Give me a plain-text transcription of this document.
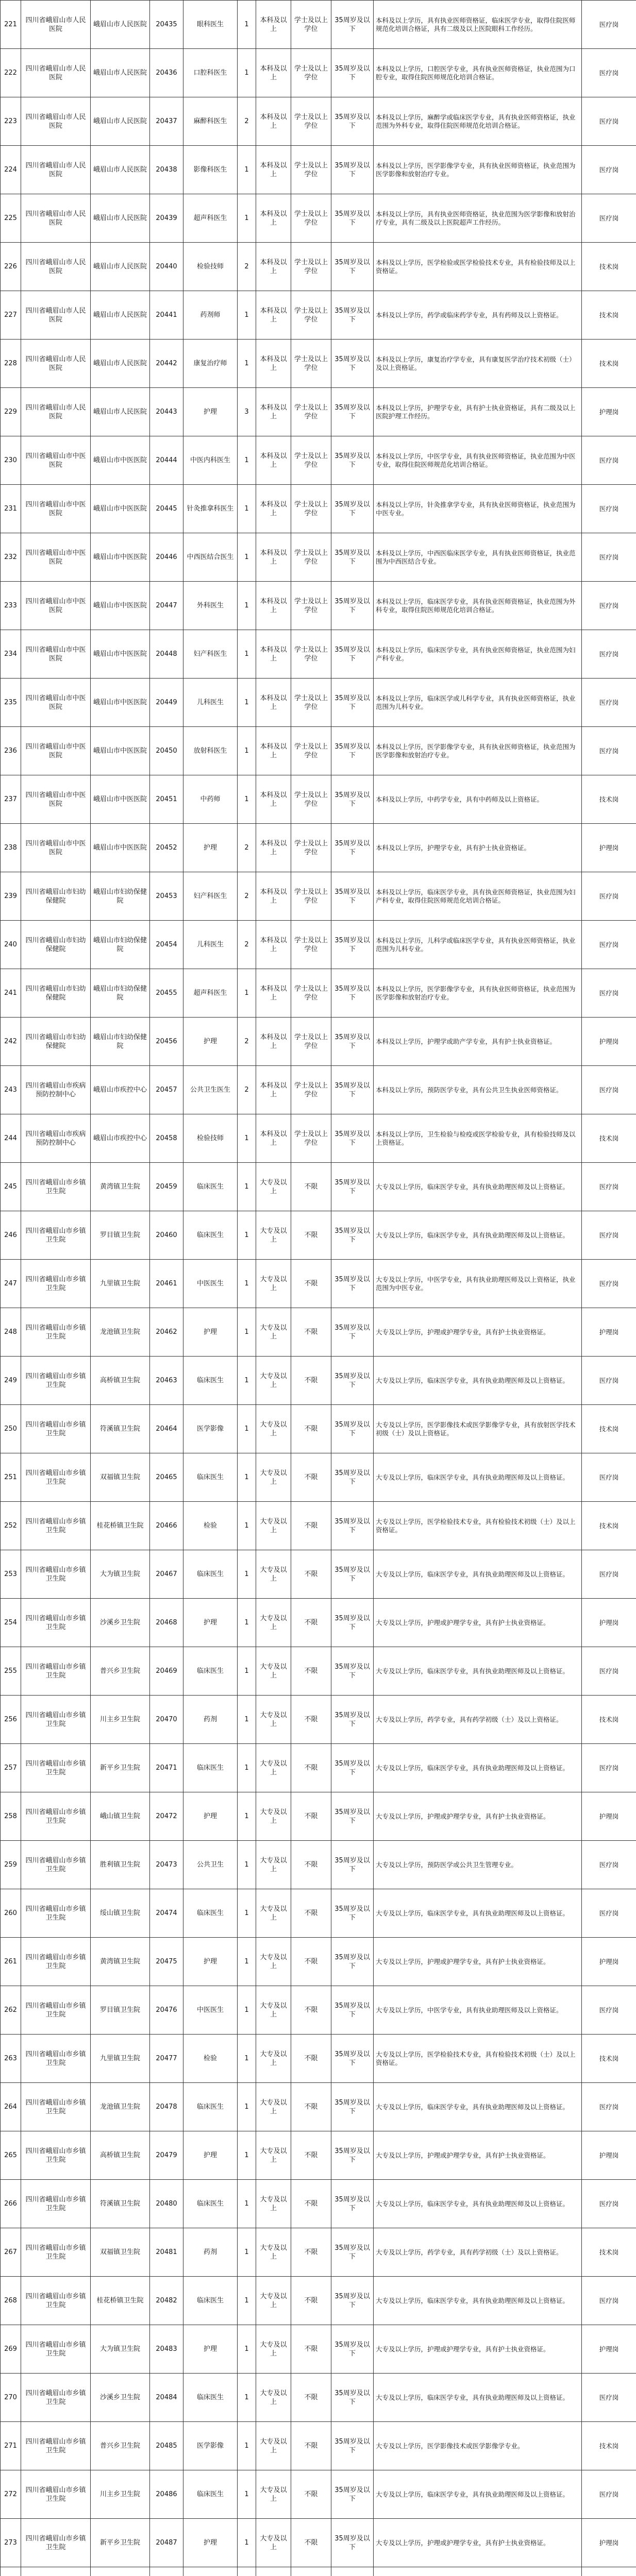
221	四川省峨眉山市人民医院	峨眉山市人民医院	20435	眼科医生	1	本科及以上	学士及以上学位	35周岁及以下	本科及以上学历，具有执业医师资格证，临床医学专业，取得住院医师规范化培训合格证，具有二级及以上医院眼科工作经历。	医疗岗
222	四川省峨眉山市人民医院	峨眉山市人民医院	20436	口腔科医生	1	本科及以上	学士及以上学位	35周岁及以下	本科及以上学历，口腔医学专业，具有执业医师资格证，执业范围为口腔专业，取得住院医师规范化培训合格证。	医疗岗
223	四川省峨眉山市人民医院	峨眉山市人民医院	20437	麻醉科医生	2	本科及以上	学士及以上学位	35周岁及以下	本科及以上学历，麻醉学或临床医学专业，具有执业医师资格证，执业范围为外科专业，取得住院医师规范化培训合格证。	医疗岗
224	四川省峨眉山市人民医院	峨眉山市人民医院	20438	影像科医生	1	本科及以上	学士及以上学位	35周岁及以下	本科及以上学历，医学影像学专业，具有执业医师资格证，执业范围为医学影像和放射治疗专业。	医疗岗
225	四川省峨眉山市人民医院	峨眉山市人民医院	20439	超声科医生	1	本科及以上	学士及以上学位	35周岁及以下	本科及以上学历，具有执业医师资格证，执业范围为医学影像和放射治疗专业，具有二级及以上医院超声工作经历。	医疗岗
226	四川省峨眉山市人民医院	峨眉山市人民医院	20440	检验技师	2	本科及以上	学士及以上学位	35周岁及以下	本科及以上学历，医学检验或医学检验技术专业，具有检验技师及以上资格证。	技术岗
227	四川省峨眉山市人民医院	峨眉山市人民医院	20441	药剂师	1	本科及以上	学士及以上学位	35周岁及以下	本科及以上学历，药学或临床药学专业，具有药师及以上资格证。	技术岗
228	四川省峨眉山市人民医院	峨眉山市人民医院	20442	康复治疗师	1	本科及以上	学士及以上学位	35周岁及以下	本科及以上学历，康复治疗学专业，具有康复医学治疗技术初级（士）及以上资格证。	技术岗
229	四川省峨眉山市人民医院	峨眉山市人民医院	20443	护理	3	本科及以上	学士及以上学位	35周岁及以下	本科及以上学历，护理学专业，具有护士执业资格证，具有二级及以上医院护理工作经历。	护理岗
230	四川省峨眉山市中医医院	峨眉山市中医医院	20444	中医内科医生	1	本科及以上	学士及以上学位	35周岁及以下	本科及以上学历，中医学专业，具有执业医师资格证，执业范围为中医专业，取得住院医师规范化培训合格证。	医疗岗
231	四川省峨眉山市中医医院	峨眉山市中医医院	20445	针灸推拿科医生	1	本科及以上	学士及以上学位	35周岁及以下	本科及以上学历，针灸推拿学专业，具有执业医师资格证，执业范围为中医专业。	医疗岗
232	四川省峨眉山市中医医院	峨眉山市中医医院	20446	中西医结合医生	1	本科及以上	学士及以上学位	35周岁及以下	本科及以上学历，中西医临床医学专业，具有执业医师资格证，执业范围为中西医结合专业。	医疗岗
233	四川省峨眉山市中医医院	峨眉山市中医医院	20447	外科医生	1	本科及以上	学士及以上学位	35周岁及以下	本科及以上学历，临床医学专业，具有执业医师资格证，执业范围为外科专业，取得住院医师规范化培训合格证。	医疗岗
234	四川省峨眉山市中医医院	峨眉山市中医医院	20448	妇产科医生	1	本科及以上	学士及以上学位	35周岁及以下	本科及以上学历，临床医学专业，具有执业医师资格证，执业范围为妇产科专业。	医疗岗
235	四川省峨眉山市中医医院	峨眉山市中医医院	20449	儿科医生	1	本科及以上	学士及以上学位	35周岁及以下	本科及以上学历，临床医学或儿科学专业，具有执业医师资格证，执业范围为儿科专业。	医疗岗
236	四川省峨眉山市中医医院	峨眉山市中医医院	20450	放射科医生	1	本科及以上	学士及以上学位	35周岁及以下	本科及以上学历，医学影像学专业，具有执业医师资格证，执业范围为医学影像和放射治疗专业。	医疗岗
237	四川省峨眉山市中医医院	峨眉山市中医医院	20451	中药师	1	本科及以上	学士及以上学位	35周岁及以下	本科及以上学历，中药学专业，具有中药师及以上资格证。	技术岗
238	四川省峨眉山市中医医院	峨眉山市中医医院	20452	护理	2	本科及以上	学士及以上学位	35周岁及以下	本科及以上学历，护理学专业，具有护士执业资格证。	护理岗
239	四川省峨眉山市妇幼保健院	峨眉山市妇幼保健院	20453	妇产科医生	2	本科及以上	学士及以上学位	35周岁及以下	本科及以上学历，临床医学专业，具有执业医师资格证，执业范围为妇产科专业，取得住院医师规范化培训合格证。	医疗岗
240	四川省峨眉山市妇幼保健院	峨眉山市妇幼保健院	20454	儿科医生	2	本科及以上	学士及以上学位	35周岁及以下	本科及以上学历，儿科学或临床医学专业，具有执业医师资格证，执业范围为儿科专业。	医疗岗
241	四川省峨眉山市妇幼保健院	峨眉山市妇幼保健院	20455	超声科医生	1	本科及以上	学士及以上学位	35周岁及以下	本科及以上学历，医学影像学专业，具有执业医师资格证，执业范围为医学影像和放射治疗专业。	医疗岗
242	四川省峨眉山市妇幼保健院	峨眉山市妇幼保健院	20456	护理	2	本科及以上	学士及以上学位	35周岁及以下	本科及以上学历，护理学或助产学专业，具有护士执业资格证。	护理岗
243	四川省峨眉山市疾病预防控制中心	峨眉山市疾控中心	20457	公共卫生医生	2	本科及以上	学士及以上学位	35周岁及以下	本科及以上学历，预防医学专业，具有公共卫生执业医师资格证。	医疗岗
244	四川省峨眉山市疾病预防控制中心	峨眉山市疾控中心	20458	检验技师	1	本科及以上	学士及以上学位	35周岁及以下	本科及以上学历，卫生检验与检疫或医学检验专业，具有检验技师及以上资格证。	技术岗
245	四川省峨眉山市乡镇卫生院	黄湾镇卫生院	20459	临床医生	1	大专及以上	不限	35周岁及以下	大专及以上学历，临床医学专业，具有执业助理医师及以上资格证。	医疗岗
246	四川省峨眉山市乡镇卫生院	罗目镇卫生院	20460	临床医生	1	大专及以上	不限	35周岁及以下	大专及以上学历，临床医学专业，具有执业助理医师及以上资格证。	医疗岗
247	四川省峨眉山市乡镇卫生院	九里镇卫生院	20461	中医医生	1	大专及以上	不限	35周岁及以下	大专及以上学历，中医学专业，具有执业助理医师及以上资格证，执业范围为中医专业。	医疗岗
248	四川省峨眉山市乡镇卫生院	龙池镇卫生院	20462	护理	1	大专及以上	不限	35周岁及以下	大专及以上学历，护理或护理学专业，具有护士执业资格证。	护理岗
249	四川省峨眉山市乡镇卫生院	高桥镇卫生院	20463	临床医生	1	大专及以上	不限	35周岁及以下	大专及以上学历，临床医学专业，具有执业助理医师及以上资格证。	医疗岗
250	四川省峨眉山市乡镇卫生院	符溪镇卫生院	20464	医学影像	1	大专及以上	不限	35周岁及以下	大专及以上学历，医学影像技术或医学影像学专业，具有放射医学技术初级（士）及以上资格证。	技术岗
251	四川省峨眉山市乡镇卫生院	双福镇卫生院	20465	临床医生	1	大专及以上	不限	35周岁及以下	大专及以上学历，临床医学专业，具有执业助理医师及以上资格证。	医疗岗
252	四川省峨眉山市乡镇卫生院	桂花桥镇卫生院	20466	检验	1	大专及以上	不限	35周岁及以下	大专及以上学历，医学检验技术专业，具有检验技术初级（士）及以上资格证。	技术岗
253	四川省峨眉山市乡镇卫生院	大为镇卫生院	20467	临床医生	1	大专及以上	不限	35周岁及以下	大专及以上学历，临床医学专业，具有执业助理医师及以上资格证。	医疗岗
254	四川省峨眉山市乡镇卫生院	沙溪乡卫生院	20468	护理	1	大专及以上	不限	35周岁及以下	大专及以上学历，护理或护理学专业，具有护士执业资格证。	护理岗
255	四川省峨眉山市乡镇卫生院	普兴乡卫生院	20469	临床医生	1	大专及以上	不限	35周岁及以下	大专及以上学历，临床医学专业，具有执业助理医师及以上资格证。	医疗岗
256	四川省峨眉山市乡镇卫生院	川主乡卫生院	20470	药剂	1	大专及以上	不限	35周岁及以下	大专及以上学历，药学专业，具有药学初级（士）及以上资格证。	技术岗
257	四川省峨眉山市乡镇卫生院	新平乡卫生院	20471	临床医生	1	大专及以上	不限	35周岁及以下	大专及以上学历，临床医学专业，具有执业助理医师及以上资格证。	医疗岗
258	四川省峨眉山市乡镇卫生院	峨山镇卫生院	20472	护理	1	大专及以上	不限	35周岁及以下	大专及以上学历，护理或护理学专业，具有护士执业资格证。	护理岗
259	四川省峨眉山市乡镇卫生院	胜利镇卫生院	20473	公共卫生	1	大专及以上	不限	35周岁及以下	大专及以上学历，预防医学或公共卫生管理专业。	医疗岗
260	四川省峨眉山市乡镇卫生院	绥山镇卫生院	20474	临床医生	1	大专及以上	不限	35周岁及以下	大专及以上学历，临床医学专业，具有执业助理医师及以上资格证。	医疗岗
261	四川省峨眉山市乡镇卫生院	黄湾镇卫生院	20475	护理	1	大专及以上	不限	35周岁及以下	大专及以上学历，护理或护理学专业，具有护士执业资格证。	护理岗
262	四川省峨眉山市乡镇卫生院	罗目镇卫生院	20476	中医医生	1	大专及以上	不限	35周岁及以下	大专及以上学历，中医学专业，具有执业助理医师及以上资格证。	医疗岗
263	四川省峨眉山市乡镇卫生院	九里镇卫生院	20477	检验	1	大专及以上	不限	35周岁及以下	大专及以上学历，医学检验技术专业，具有检验技术初级（士）及以上资格证。	技术岗
264	四川省峨眉山市乡镇卫生院	龙池镇卫生院	20478	临床医生	1	大专及以上	不限	35周岁及以下	大专及以上学历，临床医学专业，具有执业助理医师及以上资格证。	医疗岗
265	四川省峨眉山市乡镇卫生院	高桥镇卫生院	20479	护理	1	大专及以上	不限	35周岁及以下	大专及以上学历，护理或护理学专业，具有护士执业资格证。	护理岗
266	四川省峨眉山市乡镇卫生院	符溪镇卫生院	20480	临床医生	1	大专及以上	不限	35周岁及以下	大专及以上学历，临床医学专业，具有执业助理医师及以上资格证。	医疗岗
267	四川省峨眉山市乡镇卫生院	双福镇卫生院	20481	药剂	1	大专及以上	不限	35周岁及以下	大专及以上学历，药学专业，具有药学初级（士）及以上资格证。	技术岗
268	四川省峨眉山市乡镇卫生院	桂花桥镇卫生院	20482	临床医生	1	大专及以上	不限	35周岁及以下	大专及以上学历，临床医学专业，具有执业助理医师及以上资格证。	医疗岗
269	四川省峨眉山市乡镇卫生院	大为镇卫生院	20483	护理	1	大专及以上	不限	35周岁及以下	大专及以上学历，护理或护理学专业，具有护士执业资格证。	护理岗
270	四川省峨眉山市乡镇卫生院	沙溪乡卫生院	20484	临床医生	1	大专及以上	不限	35周岁及以下	大专及以上学历，临床医学专业，具有执业助理医师及以上资格证。	医疗岗
271	四川省峨眉山市乡镇卫生院	普兴乡卫生院	20485	医学影像	1	大专及以上	不限	35周岁及以下	大专及以上学历，医学影像技术或医学影像学专业。	技术岗
272	四川省峨眉山市乡镇卫生院	川主乡卫生院	20486	临床医生	1	大专及以上	不限	35周岁及以下	大专及以上学历，临床医学专业，具有执业助理医师及以上资格证。	医疗岗
273	四川省峨眉山市乡镇卫生院	新平乡卫生院	20487	护理	1	大专及以上	不限	35周岁及以下	大专及以上学历，护理或护理学专业，具有护士执业资格证。	护理岗
